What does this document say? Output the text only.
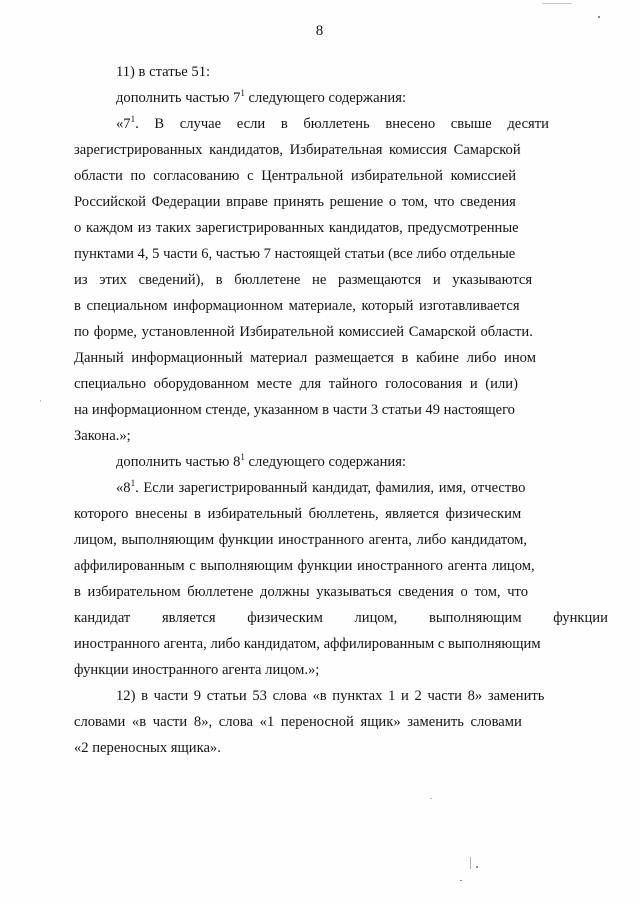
8
11) в статье 51:
дополнить частью $7^1$ следующего содержания:
«$7^1$. В случае если в бюллетень внесено свыше десяти
зарегистрированных кандидатов, Избирательная комиссия Самарской
области по согласованию с Центральной избирательной комиссией
Российской Федерации вправе принять решение о том, что сведения
о каждом из таких зарегистрированных кандидатов, предусмотренные
пунктами 4, 5 части 6, частью 7 настоящей статьи (все либо отдельные
из этих сведений), в бюллетене не размещаются и указываются
в специальном информационном материале, который изготавливается
по форме, установленной Избирательной комиссией Самарской области.
Данный информационный материал размещается в кабине либо ином
специально оборудованном месте для тайного голосования и (или)
на информационном стенде, указанном в части 3 статьи 49 настоящего
Закона.»;
дополнить частью $8^1$ следующего содержания:
«$8^1$. Если зарегистрированный кандидат, фамилия, имя, отчество
которого внесены в избирательный бюллетень, является физическим
лицом, выполняющим функции иностранного агента, либо кандидатом,
аффилированным с выполняющим функции иностранного агента лицом,
в избирательном бюллетене должны указываться сведения о том, что
кандидат является физическим лицом, выполняющим функции
иностранного агента, либо кандидатом, аффилированным с выполняющим
функции иностранного агента лицом.»;
12) в части 9 статьи 53 слова «в пунктах 1 и 2 части 8» заменить
словами «в части 8», слова «1 переносной ящик» заменить словами
«2 переносных ящика».
